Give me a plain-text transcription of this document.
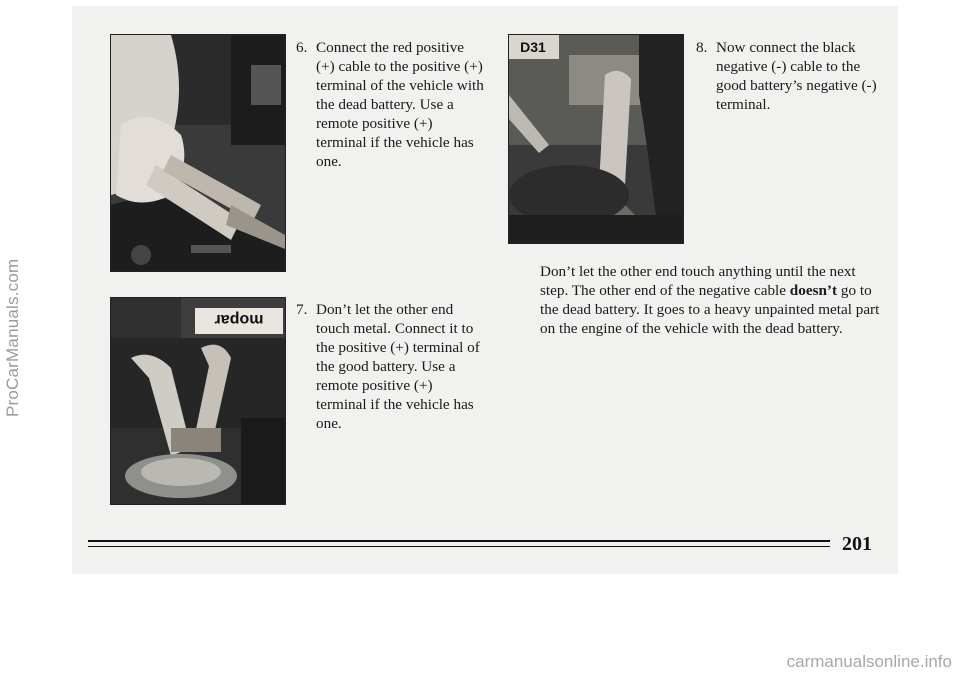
mopar
D31
6. Connect the red positive (+) cable to the positive (+) terminal of the vehicle with the dead battery. Use a remote positive (+) terminal if the vehicle has one.
7. Don’t let the other end touch metal. Connect it to the positive (+) terminal of the good battery. Use a remote positive (+) terminal if the vehicle has one.
8. Now connect the black negative (-) cable to the good battery’s negative (-) terminal.
Don’t let the other end touch anything until the next step. The other end of the negative cable doesn’t go to the dead battery. It goes to a heavy unpainted metal part on the engine of the vehicle with the dead battery.
201
ProCarManuals.com
carmanualsonline.info
